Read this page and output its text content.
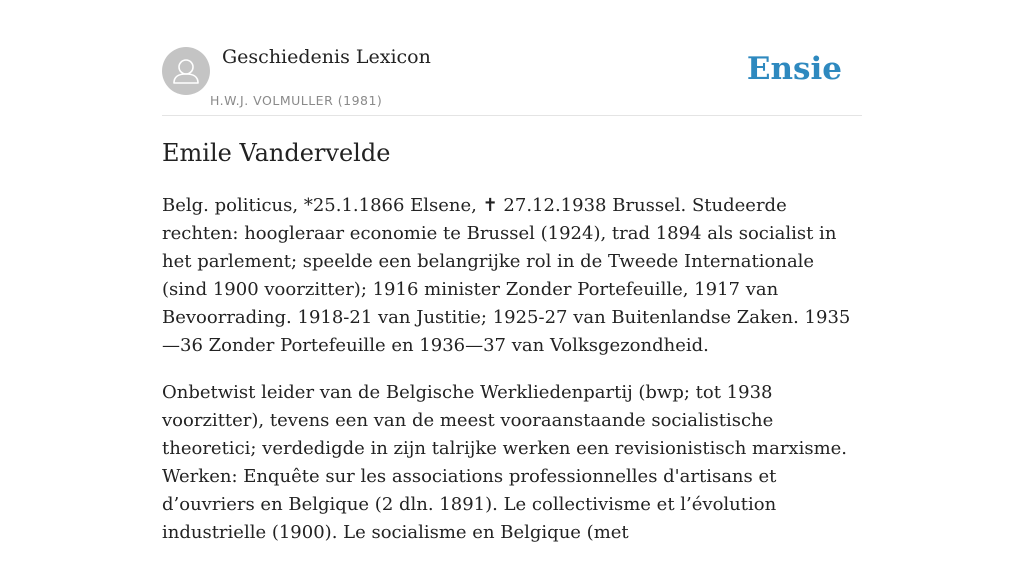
Geschiedenis Lexicon
H.W.J. VOLMULLER (1981)
Ensie
Emile Vandervelde

Belg. politicus, *25.1.1866 Elsene, ✝ 27.12.1938 Brussel. Studeerde rechten: hoogleraar economie te Brussel (1924), trad 1894 als socialist in het parlement; speelde een belangrijke rol in de Tweede Internationale (sind 1900 voorzitter); 1916 minister Zonder Portefeuille, 1917 van Bevoorrading. 1918-21 van Justitie; 1925-27 van Buitenlandse Zaken. 1935—36 Zonder Portefeuille en 1936—37 van Volksgezondheid.

Onbetwist leider van de Belgische Werkliedenpartij (bwp; tot 1938 voorzitter), tevens een van de meest vooraanstaande socialistische theoretici; verdedigde in zijn talrijke werken een revisionistisch marxisme. Werken: Enquête sur les associations professionnelles d'artisans et d’ouvriers en Belgique (2 dln. 1891). Le collectivisme et l’évolution industrielle (1900). Le socialisme en Belgique (met
